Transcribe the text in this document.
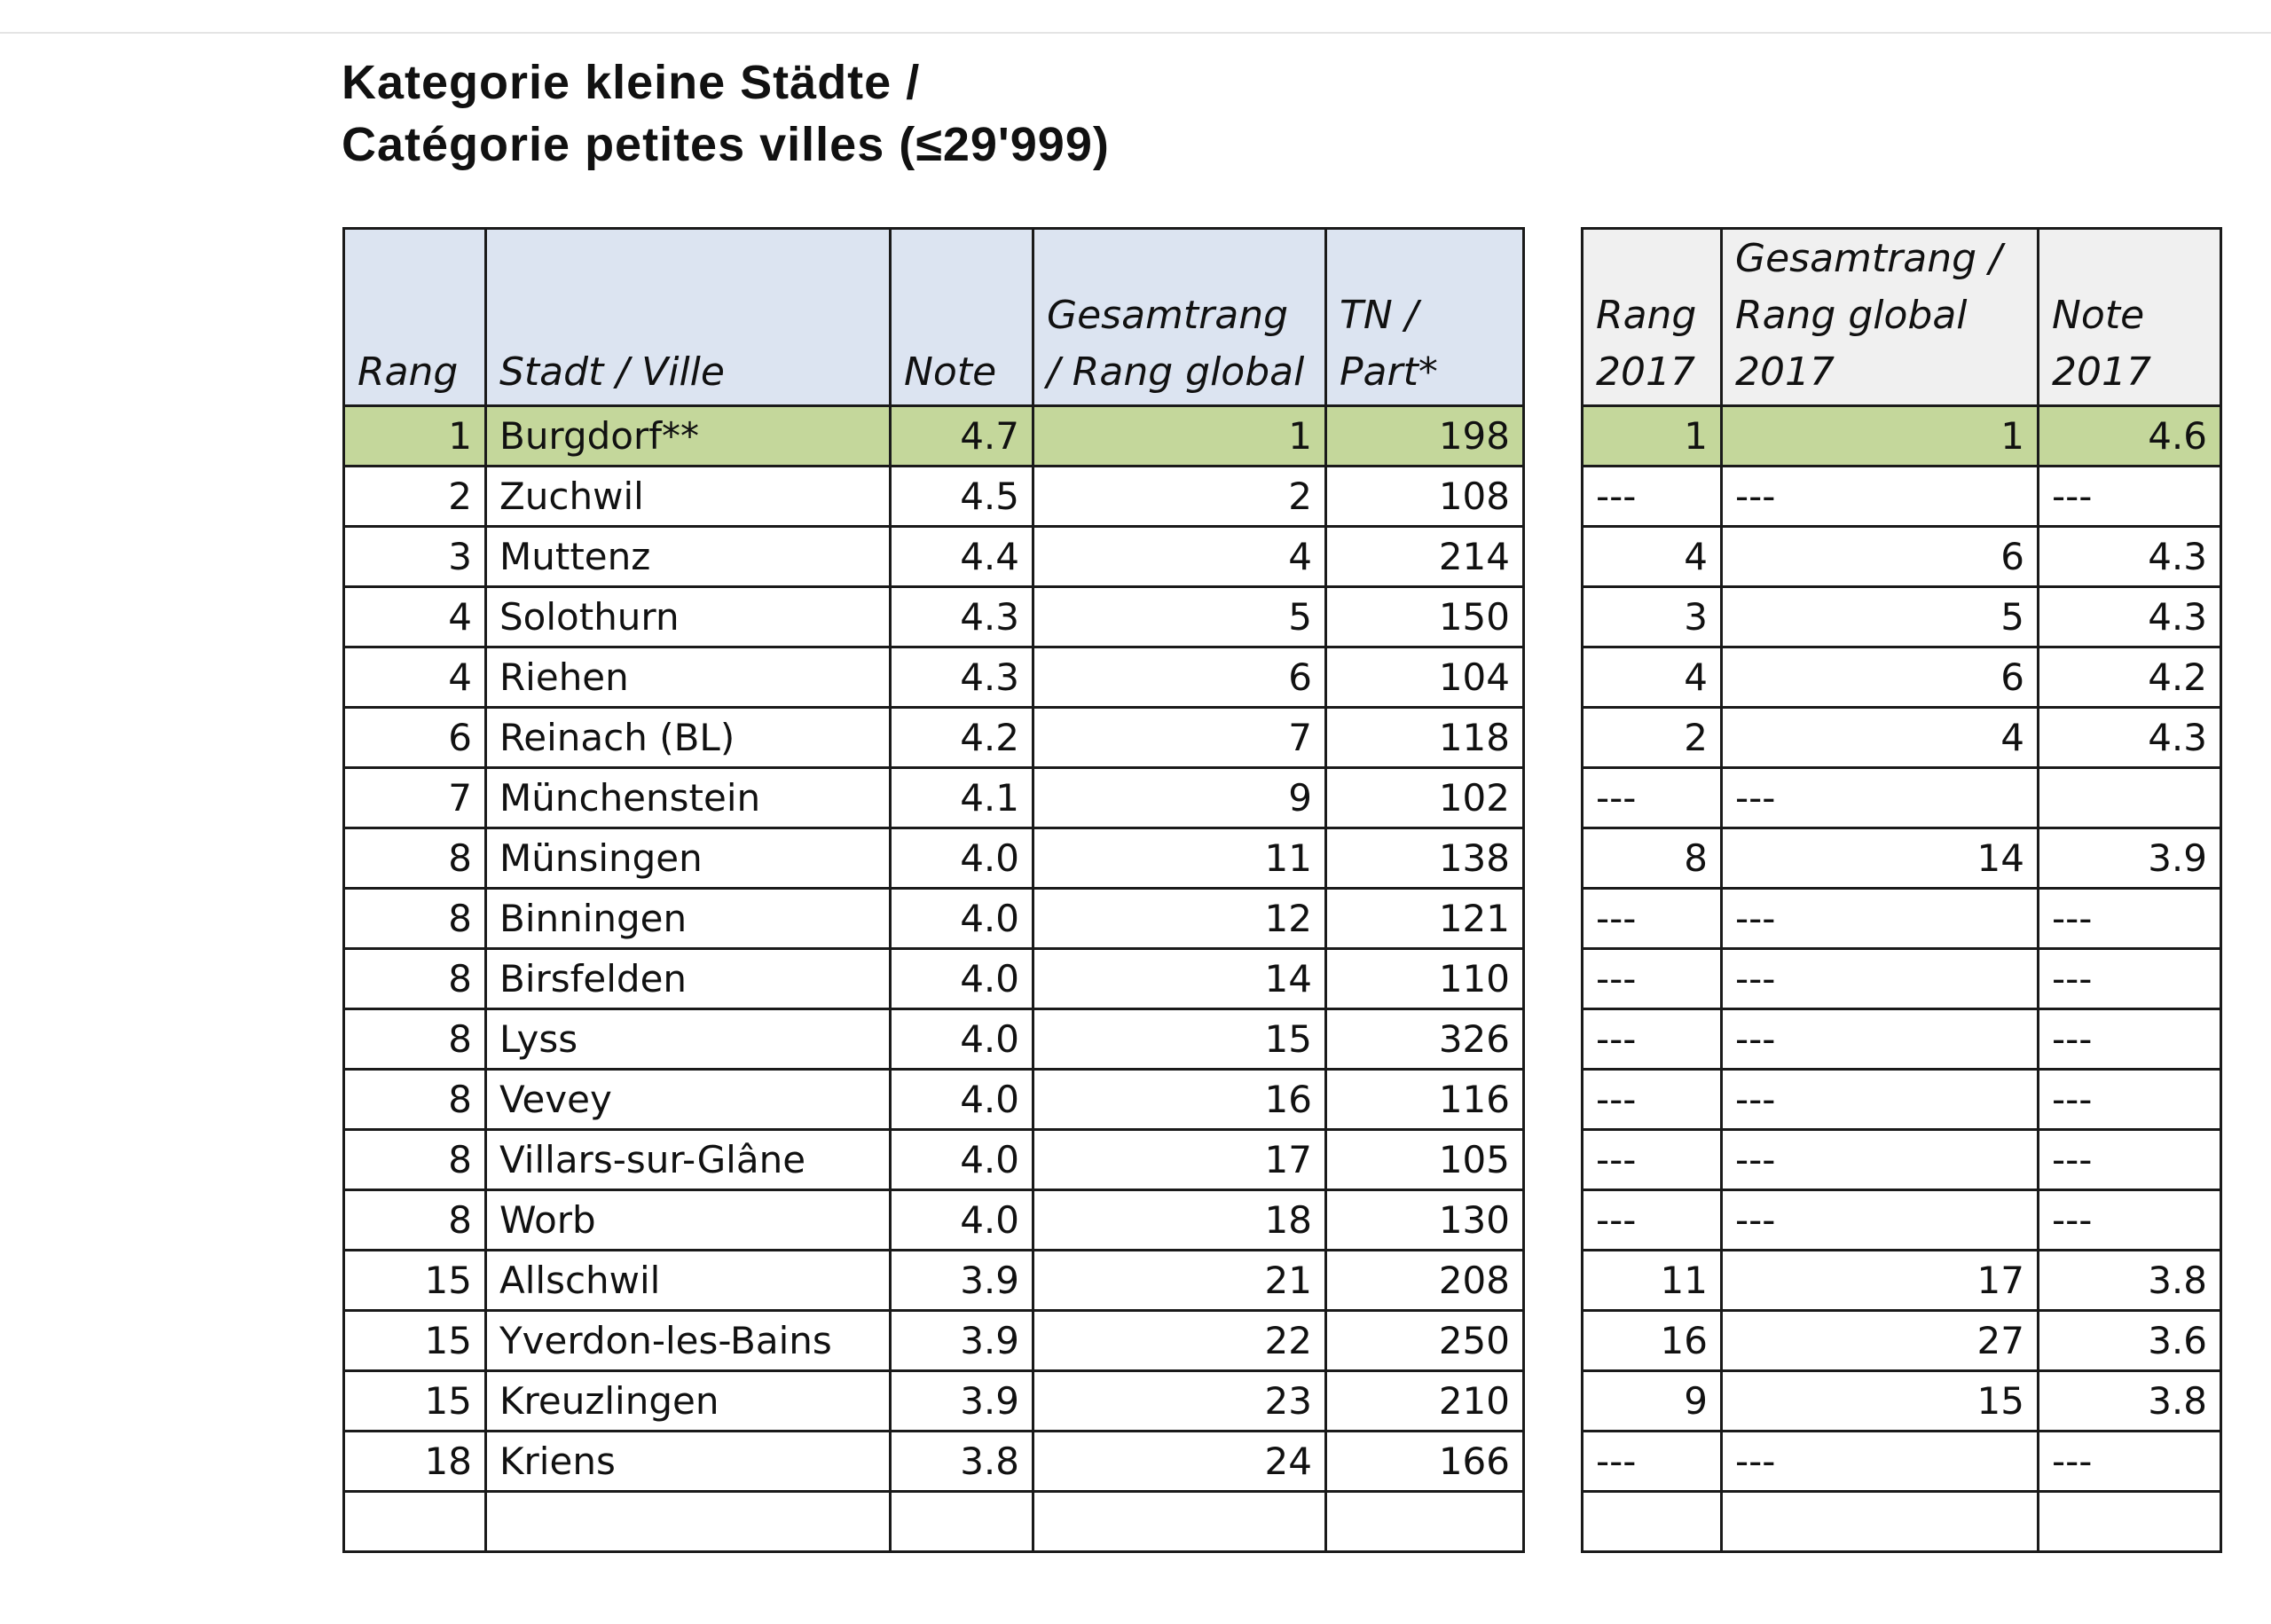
Kategorie kleine Städte /
Catégorie petites villes (≤29'999)
Rang	Stadt / Ville	Note	Gesamtrang / Rang global	TN / Part*
1	Burgdorf**	4.7	1	198
2	Zuchwil	4.5	2	108
3	Muttenz	4.4	4	214
4	Solothurn	4.3	5	150
4	Riehen	4.3	6	104
6	Reinach (BL)	4.2	7	118
7	Münchenstein	4.1	9	102
8	Münsingen	4.0	11	138
8	Binningen	4.0	12	121
8	Birsfelden	4.0	14	110
8	Lyss	4.0	15	326
8	Vevey	4.0	16	116
8	Villars-sur-Glâne	4.0	17	105
8	Worb	4.0	18	130
15	Allschwil	3.9	21	208
15	Yverdon-les-Bains	3.9	22	250
15	Kreuzlingen	3.9	23	210
18	Kriens	3.8	24	166

Rang 2017	Gesamtrang / Rang global 2017	Note 2017
1	1	4.6
---	---	---
4	6	4.3
3	5	4.3
4	6	4.2
2	4	4.3
---	---	
8	14	3.9
---	---	---
---	---	---
---	---	---
---	---	---
---	---	---
---	---	---
11	17	3.8
16	27	3.6
9	15	3.8
---	---	---
